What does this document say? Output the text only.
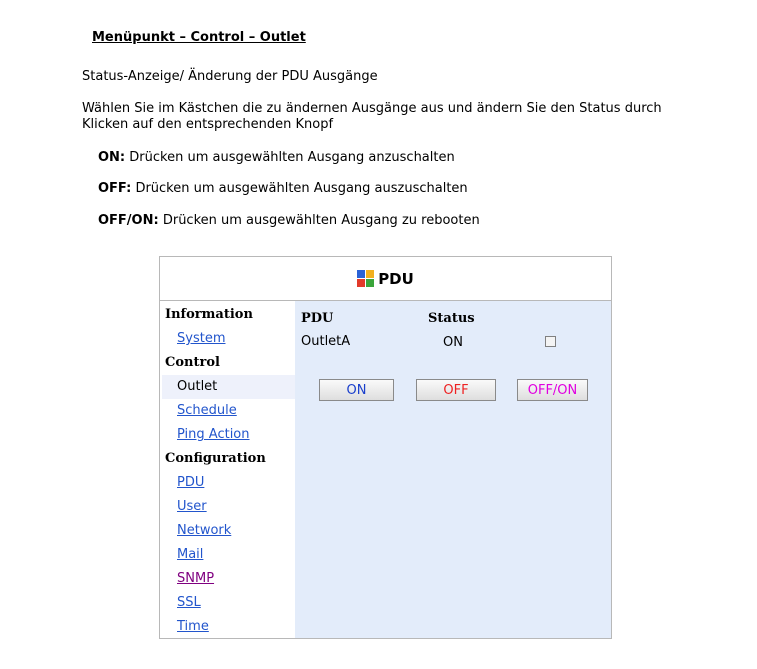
Menüpunkt – Control – Outlet
Status-Anzeige/ Änderung der PDU Ausgänge
Wählen Sie im Kästchen die zu ändernen Ausgänge aus und ändern Sie den Status durch
Klicken auf den entsprechenden Knopf
ON: Drücken um ausgewählten Ausgang anzuschalten
OFF: Drücken um ausgewählten Ausgang auszuschalten
OFF/ON: Drücken um ausgewählten Ausgang zu rebooten
PDU
Information
System
Control
Outlet
Schedule
Ping Action
Configuration
PDU
User
Network
Mail
SNMP
SSL
Time
PDU	Status
OutletA	ON
ON	OFF	OFF/ON
